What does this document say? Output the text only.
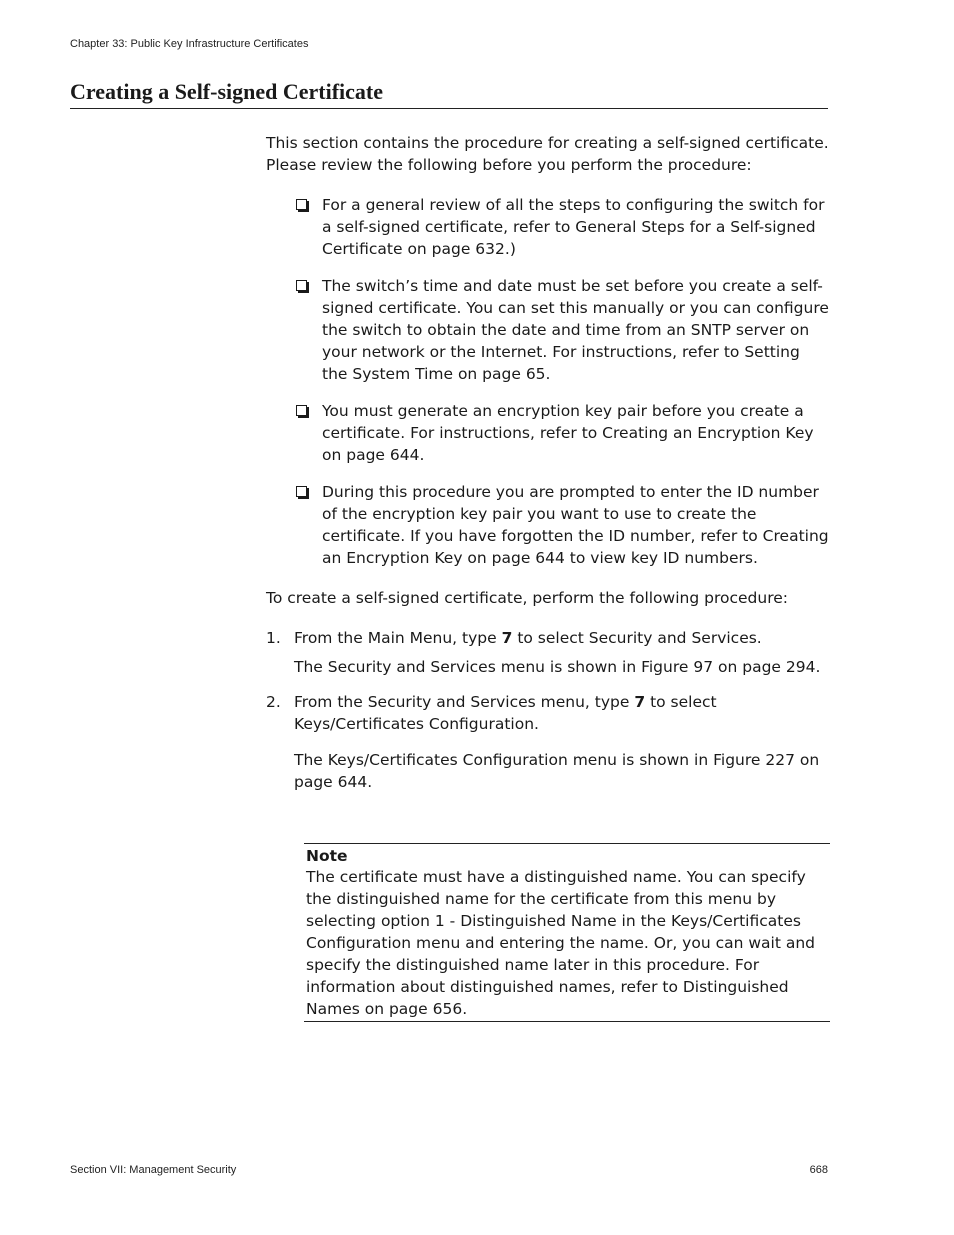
Chapter 33: Public Key Infrastructure Certificates
Creating a Self-signed Certificate

This section contains the procedure for creating a self-signed certificate.
Please review the following before you perform the procedure:

For a general review of all the steps to configuring the switch for a self-signed certificate, refer to General Steps for a Self-signed Certificate on page 632.)
The switch’s time and date must be set before you create a self-signed certificate. You can set this manually or you can configure the switch to obtain the date and time from an SNTP server on your network or the Internet. For instructions, refer to Setting the System Time on page 65.
You must generate an encryption key pair before you create a certificate. For instructions, refer to Creating an Encryption Key on page 644.
During this procedure you are prompted to enter the ID number of the encryption key pair you want to use to create the certificate. If you have forgotten the ID number, refer to Creating an Encryption Key on page 644 to view key ID numbers.

To create a self-signed certificate, perform the following procedure:

1. From the Main Menu, type 7 to select Security and Services.

The Security and Services menu is shown in Figure 97 on page 294.

2. From the Security and Services menu, type 7 to select Keys/Certificates Configuration.

The Keys/Certificates Configuration menu is shown in Figure 227 on page 644.

Note
The certificate must have a distinguished name. You can specify the distinguished name for the certificate from this menu by selecting option 1 - Distinguished Name in the Keys/Certificates Configuration menu and entering the name. Or, you can wait and specify the distinguished name later in this procedure. For information about distinguished names, refer to Distinguished Names on page 656.
Section VII: Management Security	668
